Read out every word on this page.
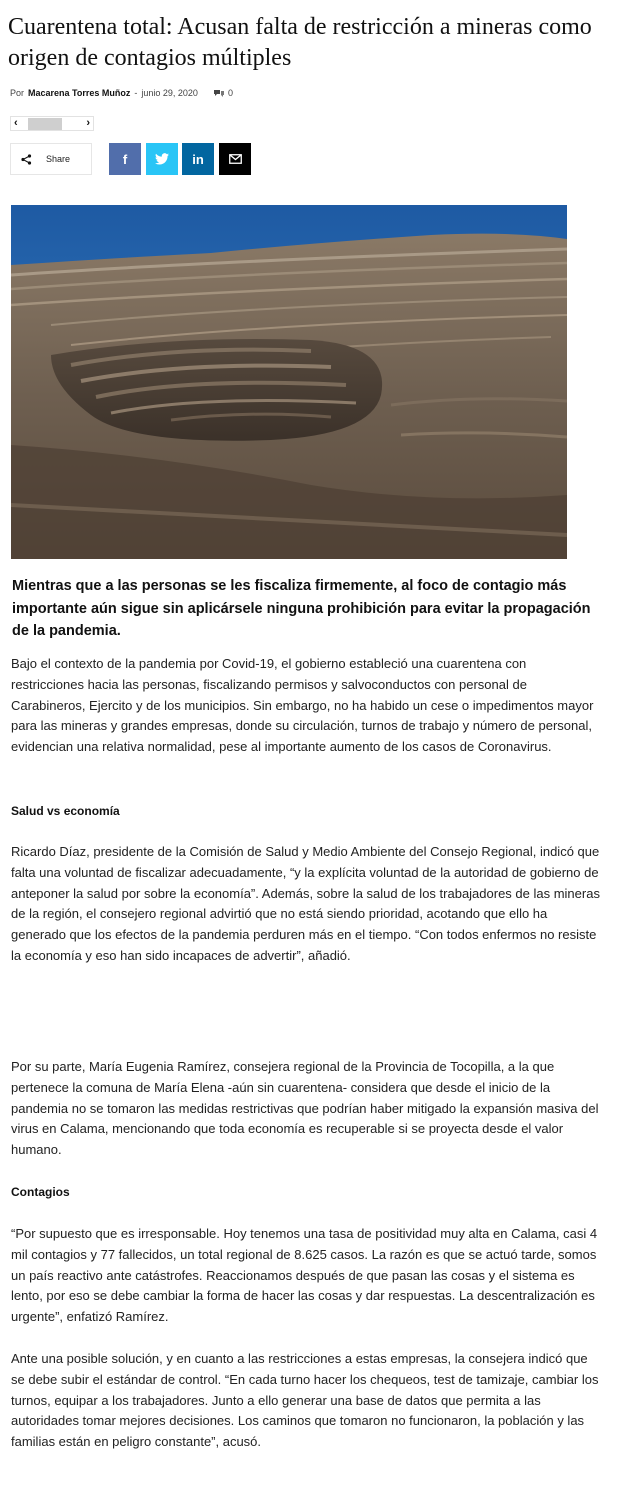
Cuarentena total: Acusan falta de restricción a mineras como origen de contagios múltiples
Por Macarena Torres Muñoz - junio 29, 2020	0
‹	›
Share	f	in

Mientras que a las personas se les fiscaliza firmemente, al foco de contagio más importante aún sigue sin aplicársele ninguna prohibición para evitar la propagación de la pandemia.

Bajo el contexto de la pandemia por Covid-19, el gobierno estableció una cuarentena con restricciones hacia las personas, fiscalizando permisos y salvoconductos con personal de Carabineros, Ejercito y de los municipios. Sin embargo, no ha habido un cese o impedimentos mayor para las mineras y grandes empresas, donde su circulación, turnos de trabajo y número de personal, evidencian una relativa normalidad, pese al importante aumento de los casos de Coronavirus.

Salud vs economía

Ricardo Díaz, presidente de la Comisión de Salud y Medio Ambiente del Consejo Regional, indicó que falta una voluntad de fiscalizar adecuadamente, “y la explícita voluntad de la autoridad de gobierno de anteponer la salud por sobre la economía”. Además, sobre la salud de los trabajadores de las mineras de la región, el consejero regional advirtió que no está siendo prioridad, acotando que ello ha generado que los efectos de la pandemia perduren más en el tiempo. “Con todos enfermos no resiste la economía y eso han sido incapaces de advertir”, añadió.

Por su parte, María Eugenia Ramírez, consejera regional de la Provincia de Tocopilla, a la que pertenece la comuna de María Elena -aún sin cuarentena- considera que desde el inicio de la pandemia no se tomaron las medidas restrictivas que podrían haber mitigado la expansión masiva del virus en Calama, mencionando que toda economía es recuperable si se proyecta desde el valor humano.

Contagios

“Por supuesto que es irresponsable. Hoy tenemos una tasa de positividad muy alta en Calama, casi 4 mil contagios y 77 fallecidos, un total regional de 8.625 casos. La razón es que se actuó tarde, somos un país reactivo ante catástrofes. Reaccionamos después de que pasan las cosas y el sistema es lento, por eso se debe cambiar la forma de hacer las cosas y dar respuestas. La descentralización es urgente”, enfatizó Ramírez.

Ante una posible solución, y en cuanto a las restricciones a estas empresas, la consejera indicó que se debe subir el estándar de control. “En cada turno hacer los chequeos, test de tamizaje, cambiar los turnos, equipar a los trabajadores. Junto a ello generar una base de datos que permita a las autoridades tomar mejores decisiones. Los caminos que tomaron no funcionaron, la población y las familias están en peligro constante”, acusó.
